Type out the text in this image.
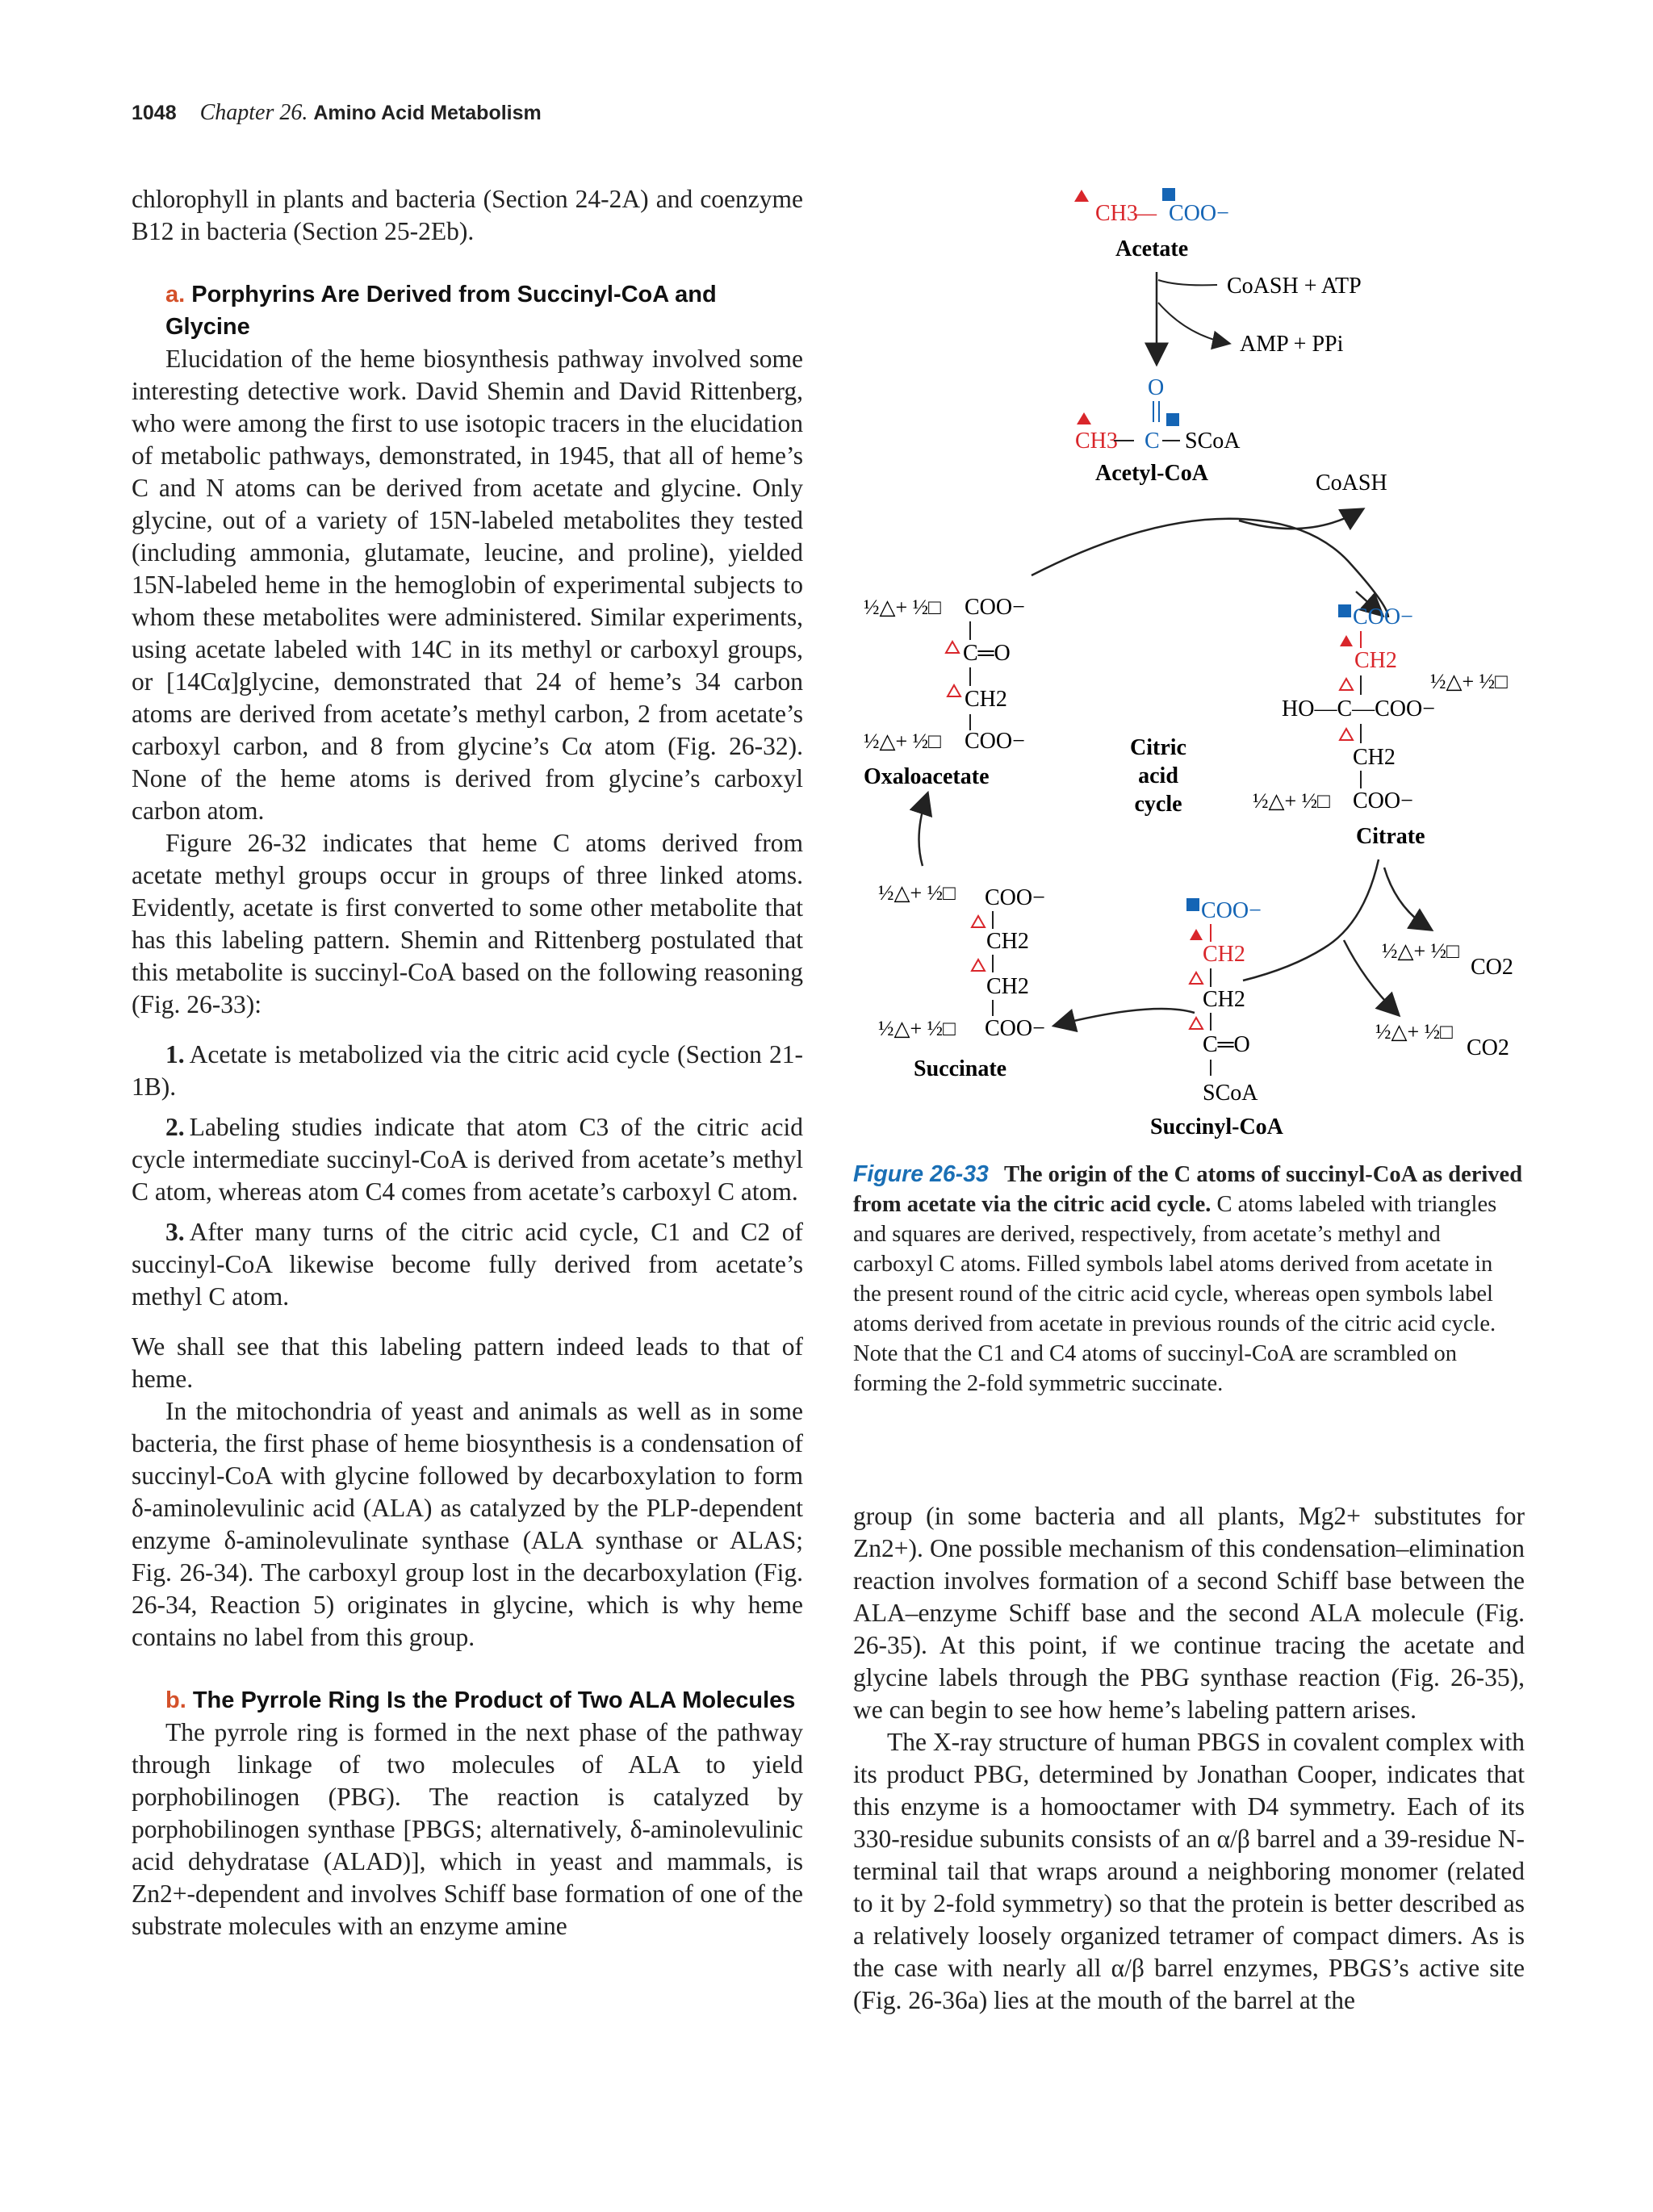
1048 Chapter 26. Amino Acid Metabolism

chlorophyll in plants and bacteria (Section 24-2A) and coenzyme B12 in bacteria (Section 25-2Eb).

a. Porphyrins Are Derived from Succinyl-CoA and Glycine

Elucidation of the heme biosynthesis pathway involved some interesting detective work. David Shemin and David Rittenberg, who were among the first to use isotopic tracers in the elucidation of metabolic pathways, demonstrated, in 1945, that all of heme’s C and N atoms can be derived from acetate and glycine. Only glycine, out of a variety of 15N-labeled metabolites they tested (including ammonia, glutamate, leucine, and proline), yielded 15N-labeled heme in the hemoglobin of experimental subjects to whom these metabolites were administered. Similar experiments, using acetate labeled with 14C in its methyl or carboxyl groups, or [14Cα]glycine, demonstrated that 24 of heme’s 34 carbon atoms are derived from acetate’s methyl carbon, 2 from acetate’s carboxyl carbon, and 8 from glycine’s Cα atom (Fig. 26-32). None of the heme atoms is derived from glycine’s carboxyl carbon atom.

Figure 26-32 indicates that heme C atoms derived from acetate methyl groups occur in groups of three linked atoms. Evidently, acetate is first converted to some other metabolite that has this labeling pattern. Shemin and Rittenberg postulated that this metabolite is succinyl-CoA based on the following reasoning (Fig. 26-33):

1. Acetate is metabolized via the citric acid cycle (Section 21-1B).
2. Labeling studies indicate that atom C3 of the citric acid cycle intermediate succinyl-CoA is derived from acetate’s methyl C atom, whereas atom C4 comes from acetate’s carboxyl C atom.
3. After many turns of the citric acid cycle, C1 and C2 of succinyl-CoA likewise become fully derived from acetate’s methyl C atom.

We shall see that this labeling pattern indeed leads to that of heme.

In the mitochondria of yeast and animals as well as in some bacteria, the first phase of heme biosynthesis is a condensation of succinyl-CoA with glycine followed by decarboxylation to form δ-aminolevulinic acid (ALA) as catalyzed by the PLP-dependent enzyme δ-aminolevulinate synthase (ALA synthase or ALAS; Fig. 26-34). The carboxyl group lost in the decarboxylation (Fig. 26-34, Reaction 5) originates in glycine, which is why heme contains no label from this group.

b. The Pyrrole Ring Is the Product of Two ALA Molecules

The pyrrole ring is formed in the next phase of the pathway through linkage of two molecules of ALA to yield porphobilinogen (PBG). The reaction is catalyzed by porphobilinogen synthase [PBGS; alternatively, δ-aminolevulinic acid dehydratase (ALAD)], which in yeast and mammals, is Zn2+-dependent and involves Schiff base formation of one of the substrate molecules with an enzyme amine

CH3
— COO−
Acetate
CoASH + ATP
AMP + PPi
O
CH3 C SCoA
Acetyl-CoA	CoASH
½△+ ½□ COO−
C═O
CH2
½△+ ½□ COO−
Oxaloacetate
Citric
acid
cycle
COO−
CH2
½△+ ½□
HO—C—COO−
CH2
½△+ ½□ COO−
Citrate
½△+ ½□
CO2
½△+ ½□
CO2
COO−
CH2
CH2
C═O
SCoA
Succinyl-CoA
½△+ ½□ COO−
CH2
CH2
½△+ ½□ COO−
Succinate
Figure 26-33 The origin of the C atoms of succinyl-CoA as derived from acetate via the citric acid cycle. C atoms labeled with triangles and squares are derived, respectively, from acetate’s methyl and carboxyl C atoms. Filled symbols label atoms derived from acetate in the present round of the citric acid cycle, whereas open symbols label atoms derived from acetate in previous rounds of the citric acid cycle. Note that the C1 and C4 atoms of succinyl-CoA are scrambled on forming the 2-fold symmetric succinate.

group (in some bacteria and all plants, Mg2+ substitutes for Zn2+). One possible mechanism of this condensation–elimination reaction involves formation of a second Schiff base between the ALA–enzyme Schiff base and the second ALA molecule (Fig. 26-35). At this point, if we continue tracing the acetate and glycine labels through the PBG synthase reaction (Fig. 26-35), we can begin to see how heme’s labeling pattern arises.

The X-ray structure of human PBGS in covalent complex with its product PBG, determined by Jonathan Cooper, indicates that this enzyme is a homooctamer with D4 symmetry. Each of its 330-residue subunits consists of an α/β barrel and a 39-residue N-terminal tail that wraps around a neighboring monomer (related to it by 2-fold symmetry) so that the protein is better described as a relatively loosely organized tetramer of compact dimers. As is the case with nearly all α/β barrel enzymes, PBGS’s active site (Fig. 26-36a) lies at the mouth of the barrel at the
